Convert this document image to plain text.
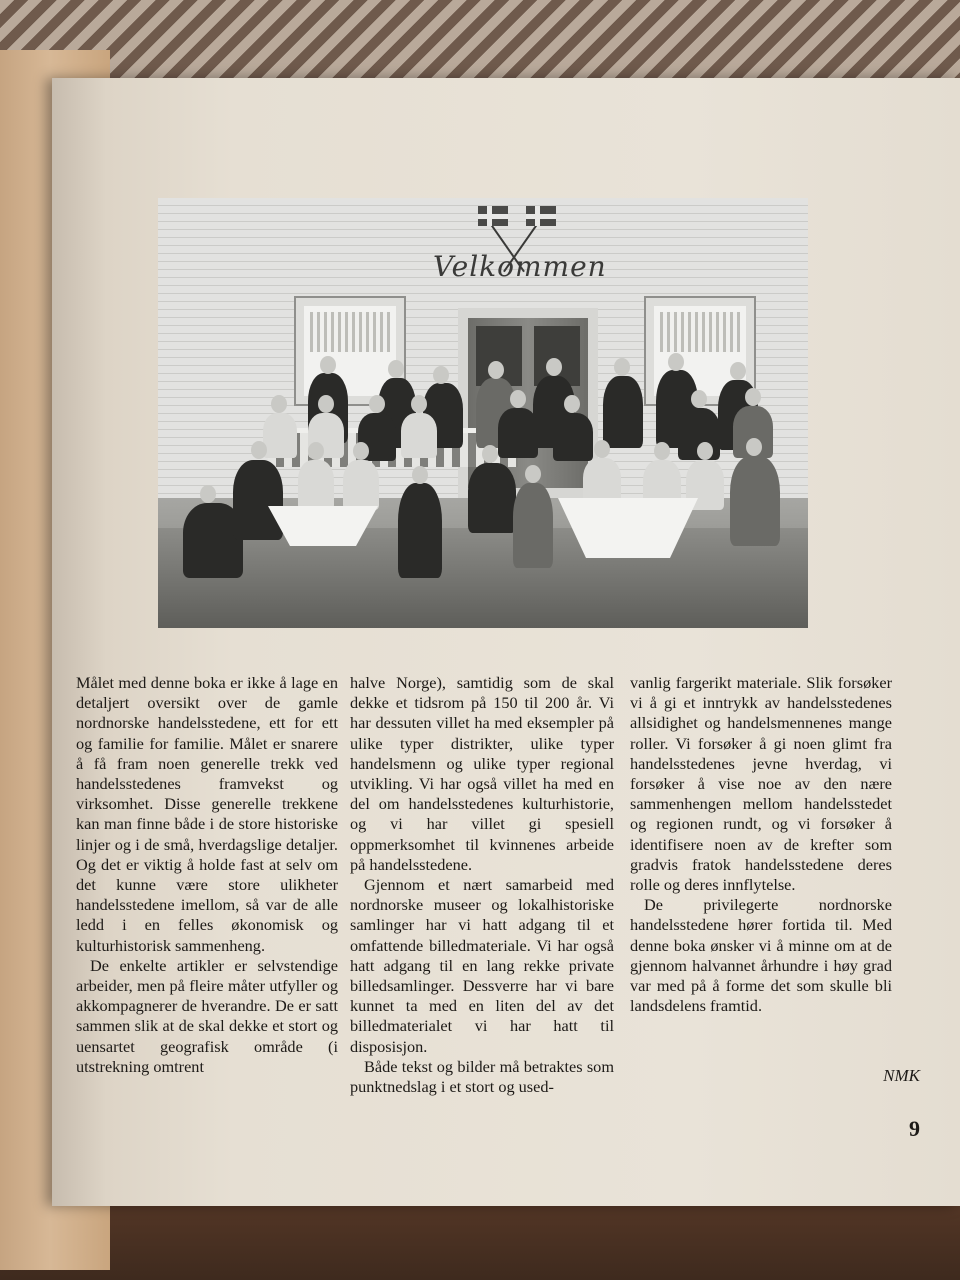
Velkommen

Målet med denne boka er ikke å lage en detaljert oversikt over de gamle nordnorske handelsstedene, ett for ett og familie for familie. Målet er snarere å få fram noen generelle trekk ved handelsstedenes framvekst og virksomhet. Disse generelle trekkene kan man finne både i de store historiske linjer og i de små, hverdagslige detaljer. Og det er viktig å holde fast at selv om det kunne være store ulikheter handelsstedene imellom, så var de alle ledd i en felles økonomisk og kulturhistorisk sammenheng.

De enkelte artikler er selvstendige arbeider, men på fleire måter utfyller og akkompagnerer de hverandre. De er satt sammen slik at de skal dekke et stort og uensartet geografisk område (i utstrekning omtrent

halve Norge), samtidig som de skal dekke et tidsrom på 150 til 200 år. Vi har dessuten villet ha med eksempler på ulike typer distrikter, ulike typer handelsmenn og ulike typer regional utvikling. Vi har også villet ha med en del om handelsstedenes kulturhistorie, og vi har villet gi spesiell oppmerksomhet til kvinnenes arbeide på handelsstedene.

Gjennom et nært samarbeid med nordnorske museer og lokalhistoriske samlinger har vi hatt adgang til et omfattende billedmateriale. Vi har også hatt adgang til en lang rekke private billedsamlinger. Dessverre har vi bare kunnet ta med en liten del av det billedmaterialet vi har hatt til disposisjon.

Både tekst og bilder må betraktes som punktnedslag i et stort og used-

vanlig fargerikt materiale. Slik forsøker vi å gi et inntrykk av handelsstedenes allsidighet og handelsmennenes mange roller. Vi forsøker å gi noen glimt fra handelsstedenes jevne hverdag, vi forsøker å vise noe av den nære sammenhengen mellom handelsstedet og regionen rundt, og vi forsøker å identifisere noen av de krefter som gradvis fratok handelsstedene deres rolle og deres innflytelse.

De privilegerte nordnorske handelsstedene hører fortida til. Med denne boka ønsker vi å minne om at de gjennom halvannet århundre i høy grad var med på å forme det som skulle bli landsdelens framtid.

NMK
9
